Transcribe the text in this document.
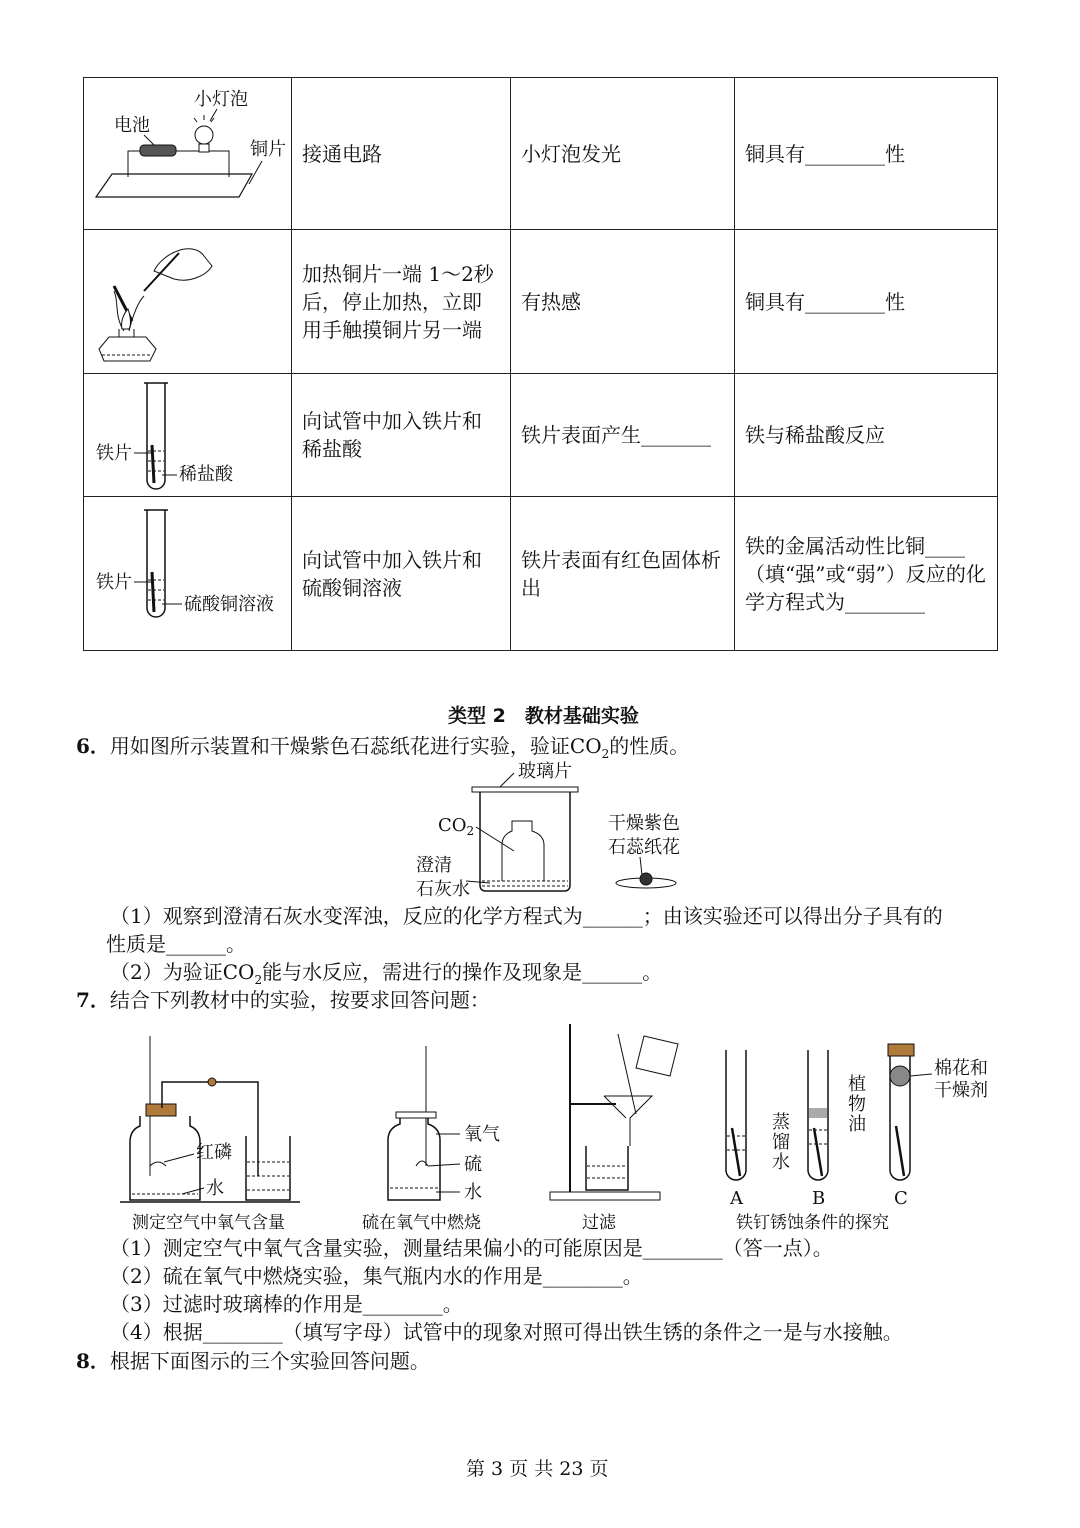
小灯泡
电池
铜片	接通电路	小灯泡发光	铜具有________性

	加热铜片一端 1～2秒后，停止加热，立即用手触摸铜片另一端	有热感	铜具有________性

铁片
稀盐酸	向试管中加入铁片和稀盐酸	铁片表面产生_______	铁与稀盐酸反应

铁片
硫酸铜溶液	向试管中加入铁片和硫酸铜溶液	铁片表面有红色固体析出	铁的金属活动性比铜____（填“强”或“弱”）反应的化学方程式为________
类型 2　教材基础实验
6．用如图所示装置和干燥紫色石蕊纸花进行实验，验证$CO_2$的性质。
玻璃片
$CO_2$
澄清
石灰水
干燥紫色
石蕊纸花
（1）观察到澄清石灰水变浑浊，反应的化学方程式为______；由该实验还可以得出分子具有的
性质是______。
（2）为验证$CO_2$能与水反应，需进行的操作及现象是______。
7．结合下列教材中的实验，按要求回答问题：
红磷
水
测定空气中氧气含量
氧气
硫
水
硫在氧气中燃烧	过滤
A	B
植
物
油
蒸
馏
水
C
棉花和
干燥剂
铁钉锈蚀条件的探究
（1）测定空气中氧气含量实验，测量结果偏小的可能原因是________（答一点）。
（2）硫在氧气中燃烧实验，集气瓶内水的作用是________。
（3）过滤时玻璃棒的作用是________。
（4）根据________（填写字母）试管中的现象对照可得出铁生锈的条件之一是与水接触。
8．根据下面图示的三个实验回答问题。
第 3 页 共 23 页
